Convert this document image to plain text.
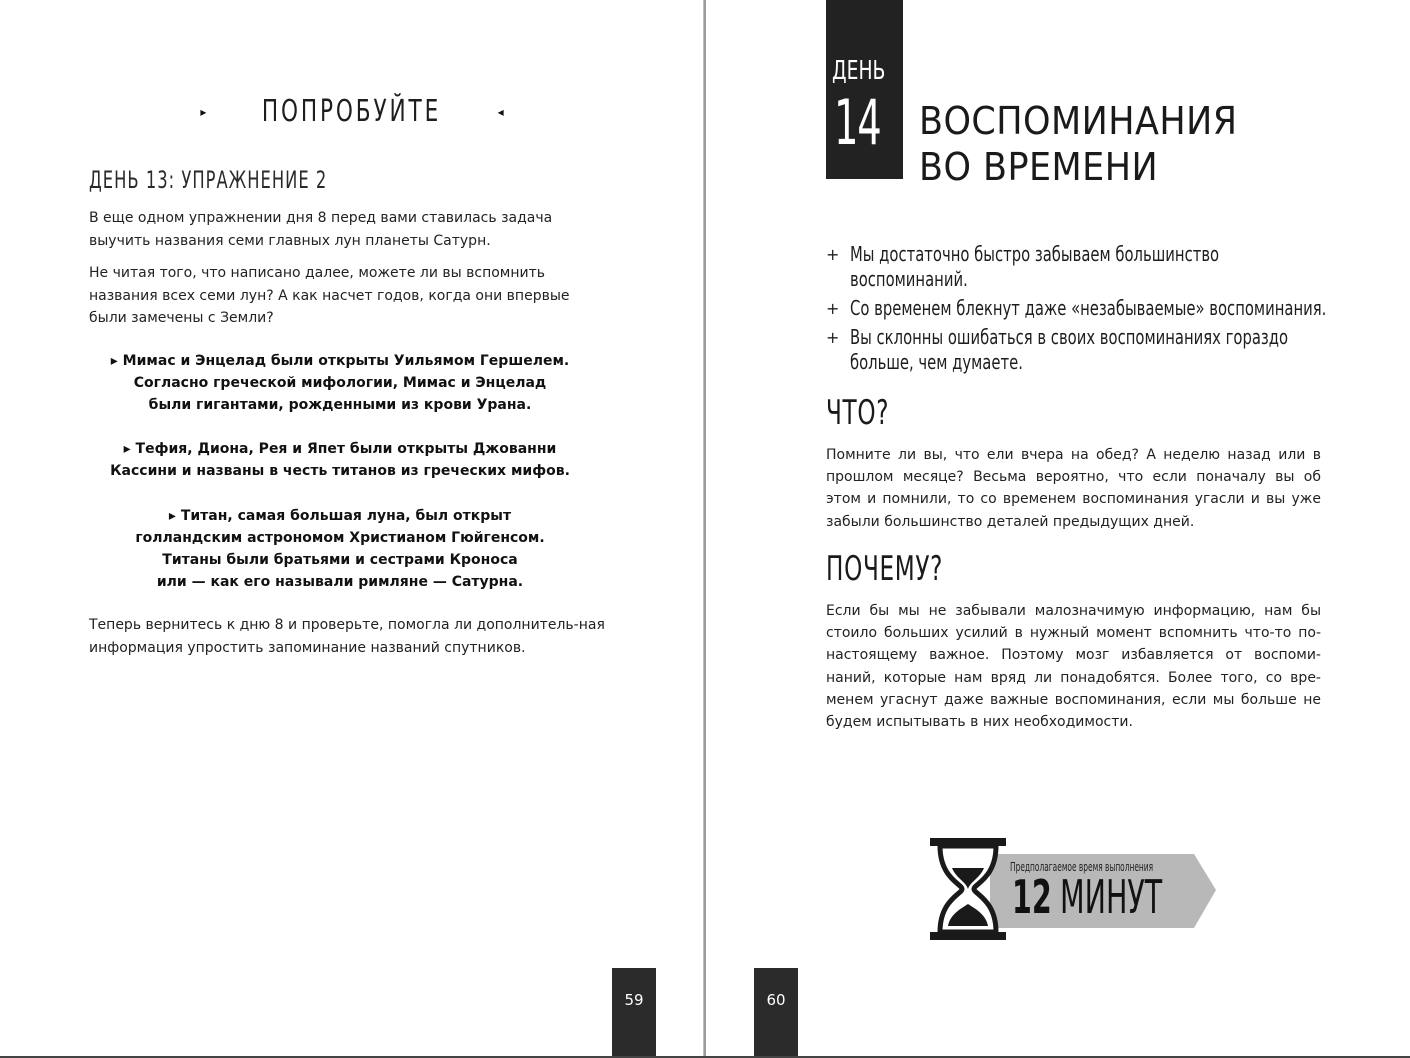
▸ ПОПРОБУЙТЕ	◂
ДЕНЬ 13: УПРАЖНЕНИЕ 2

В еще одном упражнении дня 8 перед вами ставилась задача выучить названия семи главных лун планеты Сатурн.

Не читая того, что написано далее, можете ли вы вспомнить названия всех семи лун? А как насчет годов, когда они впервые были замечены с Земли?

▸ Мимас и Энцелад были открыты Уильямом Гершелем.
Согласно греческой мифологии, Мимас и Энцелад
были гигантами, рожденными из крови Урана.

▸ Тефия, Диона, Рея и Япет были открыты Джованни
Кассини и названы в честь титанов из греческих мифов.

▸ Титан, самая большая луна, был открыт
голландским астрономом Христианом Гюйгенсом.
Титаны были братьями и сестрами Кроноса
или — как его называли римляне — Сатурна.

Теперь вернитесь к дню 8 и проверьте, помогла ли дополнитель-ная информация упростить запоминание названий спутников.

59	60
ДЕНЬ
14 ВОСПОМИНАНИЯ
ВО ВРЕМЕНИ
+ Мы достаточно быстро забываем большинство воспоминаний.
+ Со временем блекнут даже «незабываемые» воспоминания.
+ Вы склонны ошибаться в своих воспоминаниях гораздо больше, чем думаете.
ЧТО?

Помните ли вы, что ели вчера на обед? А неделю назад или в прошлом месяце? Весьма вероятно, что если поначалу вы об этом и помнили, то со временем воспоминания угасли и вы уже забыли большинство деталей предыдущих дней.

ПОЧЕМУ?

Если бы мы не забывали малозначимую информацию, нам бы стоило больших усилий в нужный момент вспомнить что-то по-настоящему важное. Поэтому мозг избавляется от воспоми-наний, которые нам вряд ли понадобятся. Более того, со вре-менем угаснут даже важные воспоминания, если мы больше не будем испытывать в них необходимости.

Предполагаемое время выполнения
12 МИНУТ
